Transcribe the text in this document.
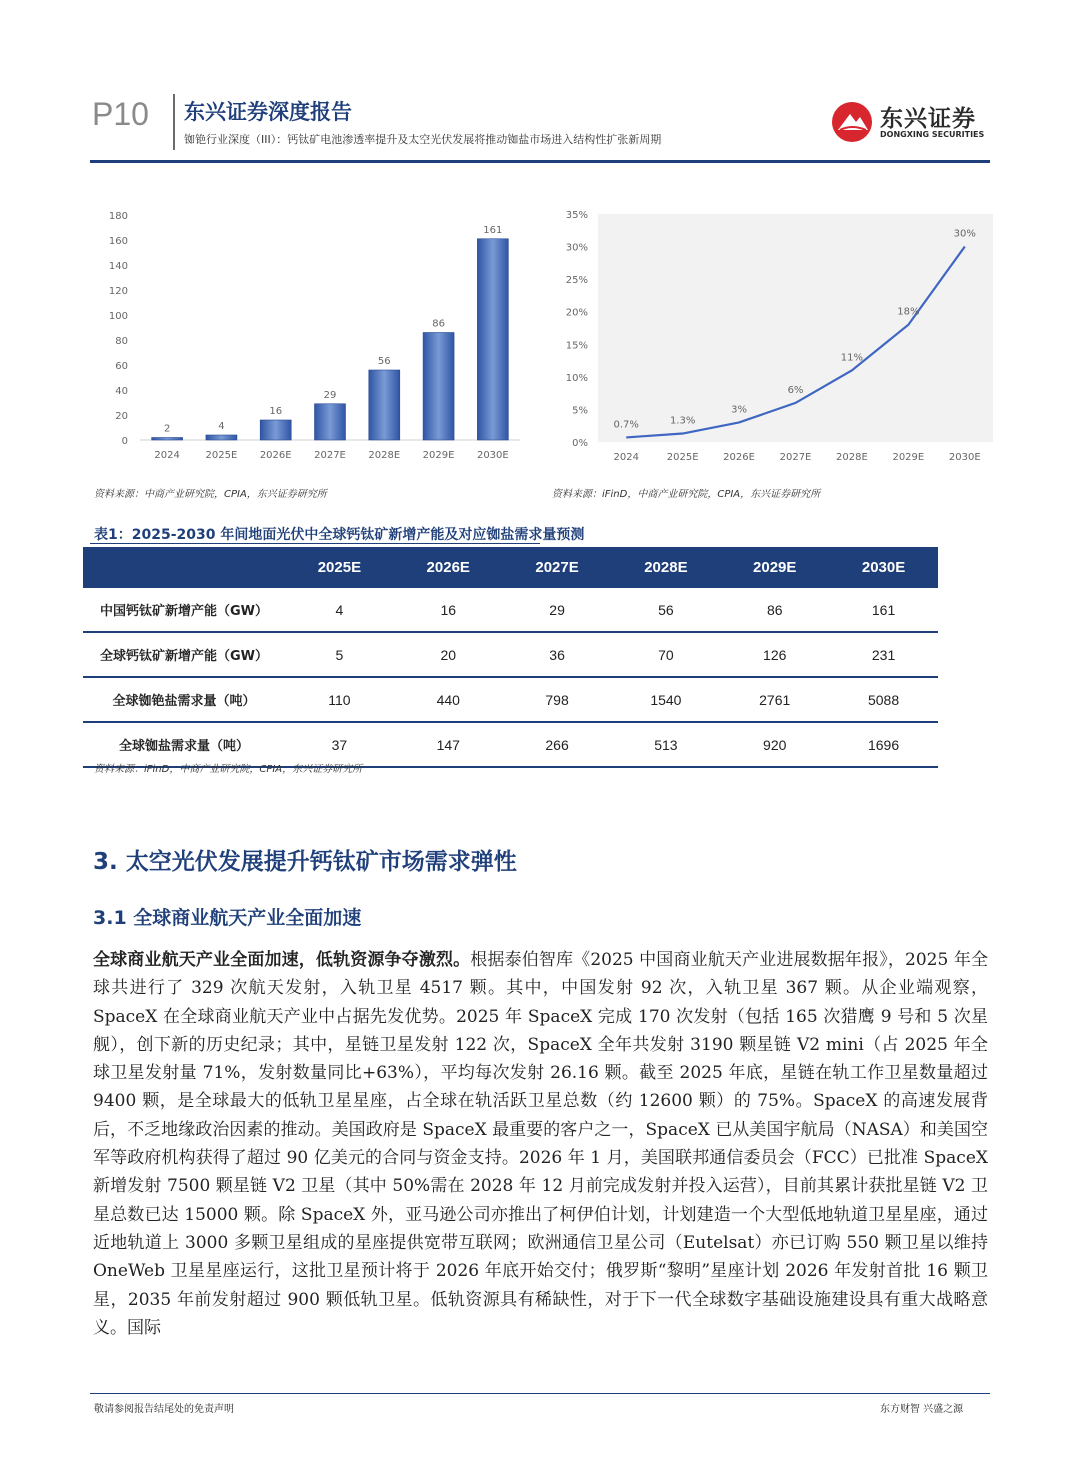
P10 东兴证券深度报告
铷铯行业深度（III）：钙钛矿电池渗透率提升及太空光伏发展将推动铷盐市场进入结构性扩张新周期
东兴证券
DONGXING SECURITIES
0
20
40
60
80
100
120
140
160
180
2	4
16
29
56
86
161
2024	2025E 2026E 2027E 2028E 2029E 2030E
0%
5%
10%
15%
20%
25%
30%
35%
0.7%	1.3%
3%
6%
11%
18%
30%
2024	2025E 2026E 2027E 2028E 2029E 2030E
资料来源：中商产业研究院，CPIA，东兴证券研究所	资料来源：iFinD，中商产业研究院，CPIA，东兴证券研究所
表1：2025-2030 年间地面光伏中全球钙钛矿新增产能及对应铷盐需求量预测
	2025E	2026E	2027E	2028E	2029E	2030E
中国钙钛矿新增产能（GW）	4	16	29	56	86	161
全球钙钛矿新增产能（GW）	5	20	36	70	126	231
全球铷铯盐需求量（吨）	110	440	798	1540	2761	5088
全球铷盐需求量（吨）	37	147	266	513	920	1696
资料来源：iFinD，中商产业研究院，CPIA，东兴证券研究所
3. 太空光伏发展提升钙钛矿市场需求弹性
3.1 全球商业航天产业全面加速
全球商业航天产业全面加速，低轨资源争夺激烈。根据泰伯智库《2025 中国商业航天产业进展数据年报》，2025 年全球共进行了 329 次航天发射，入轨卫星 4517 颗。其中，中国发射 92 次，入轨卫星 367 颗。从企业端观察，SpaceX 在全球商业航天产业中占据先发优势。2025 年 SpaceX 完成 170 次发射（包括 165 次猎鹰 9 号和 5 次星舰），创下新的历史纪录；其中，星链卫星发射 122 次，SpaceX 全年共发射 3190 颗星链 V2 mini（占 2025 年全球卫星发射量 71%，发射数量同比+63%），平均每次发射 26.16 颗。截至 2025 年底，星链在轨工作卫星数量超过 9400 颗，是全球最大的低轨卫星星座，占全球在轨活跃卫星总数（约 12600 颗）的 75%。SpaceX 的高速发展背后，不乏地缘政治因素的推动。美国政府是 SpaceX 最重要的客户之一，SpaceX 已从美国宇航局（NASA）和美国空军等政府机构获得了超过 90 亿美元的合同与资金支持。2026 年 1 月，美国联邦通信委员会（FCC）已批准 SpaceX 新增发射 7500 颗星链 V2 卫星（其中 50%需在 2028 年 12 月前完成发射并投入运营），目前其累计获批星链 V2 卫星总数已达 15000 颗。除 SpaceX 外，亚马逊公司亦推出了柯伊伯计划，计划建造一个大型低地轨道卫星星座，通过近地轨道上 3000 多颗卫星组成的星座提供宽带互联网；欧洲通信卫星公司（Eutelsat）亦已订购 550 颗卫星以维持 OneWeb 卫星星座运行，这批卫星预计将于 2026 年底开始交付；俄罗斯“黎明”星座计划 2026 年发射首批 16 颗卫星，2035 年前发射超过 900 颗低轨卫星。低轨资源具有稀缺性，对于下一代全球数字基础设施建设具有重大战略意义。国际
敬请参阅报告结尾处的免责声明	东方财智 兴盛之源
